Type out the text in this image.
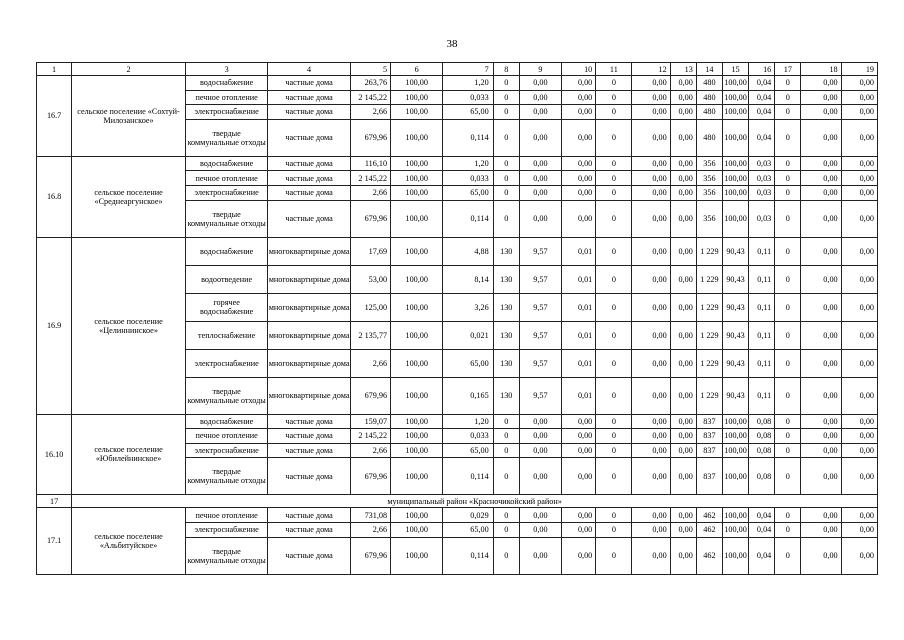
38
1	2	3	4	5	6	7	8	9	10	11	12	13	14	15	16	17	18	19
16.7	сельское поселение «Сохтуй-Милозанское»	водоснабжение	частные дома	263,76	100,00	1,20	0	0,00	0,00	0	0,00	0,00	480	100,00	0,04	0	0,00	0,00
		печное отопление	частные дома	2 145,22	100,00	0,033	0	0,00	0,00	0	0,00	0,00	480	100,00	0,04	0	0,00	0,00
		электроснабжение	частные дома	2,66	100,00	65,00	0	0,00	0,00	0	0,00	0,00	480	100,00	0,04	0	0,00	0,00
		твердые коммунальные отходы	частные дома	679,96	100,00	0,114	0	0,00	0,00	0	0,00	0,00	480	100,00	0,04	0	0,00	0,00
16.8	сельское поселение «Среднеаргунское»	водоснабжение	частные дома	116,10	100,00	1,20	0	0,00	0,00	0	0,00	0,00	356	100,00	0,03	0	0,00	0,00
		печное отопление	частные дома	2 145,22	100,00	0,033	0	0,00	0,00	0	0,00	0,00	356	100,00	0,03	0	0,00	0,00
		электроснабжение	частные дома	2,66	100,00	65,00	0	0,00	0,00	0	0,00	0,00	356	100,00	0,03	0	0,00	0,00
		твердые коммунальные отходы	частные дома	679,96	100,00	0,114	0	0,00	0,00	0	0,00	0,00	356	100,00	0,03	0	0,00	0,00
16.9	сельское поселение «Целиннинское»	водоснабжение	многоквартирные дома	17,69	100,00	4,88	130	9,57	0,01	0	0,00	0,00	1 229	90,43	0,11	0	0,00	0,00
		водоотведение	многоквартирные дома	53,00	100,00	8,14	130	9,57	0,01	0	0,00	0,00	1 229	90,43	0,11	0	0,00	0,00
		горячее водоснабжение	многоквартирные дома	125,00	100,00	3,26	130	9,57	0,01	0	0,00	0,00	1 229	90,43	0,11	0	0,00	0,00
		теплоснабжение	многоквартирные дома	2 135,77	100,00	0,021	130	9,57	0,01	0	0,00	0,00	1 229	90,43	0,11	0	0,00	0,00
		электроснабжение	многоквартирные дома	2,66	100,00	65,00	130	9,57	0,01	0	0,00	0,00	1 229	90,43	0,11	0	0,00	0,00
		твердые коммунальные отходы	многоквартирные дома	679,96	100,00	0,165	130	9,57	0,01	0	0,00	0,00	1 229	90,43	0,11	0	0,00	0,00
16.10	сельское поселение «Юбилейнинское»	водоснабжение	частные дома	159,07	100,00	1,20	0	0,00	0,00	0	0,00	0,00	837	100,00	0,08	0	0,00	0,00
		печное отопление	частные дома	2 145,22	100,00	0,033	0	0,00	0,00	0	0,00	0,00	837	100,00	0,08	0	0,00	0,00
		электроснабжение	частные дома	2,66	100,00	65,00	0	0,00	0,00	0	0,00	0,00	837	100,00	0,08	0	0,00	0,00
		твердые коммунальные отходы	частные дома	679,96	100,00	0,114	0	0,00	0,00	0	0,00	0,00	837	100,00	0,08	0	0,00	0,00
17	муниципальный район «Красночикойский район»																	
17.1	сельское поселение «Альбитуйское»	печное отопление	частные дома	731,08	100,00	0,029	0	0,00	0,00	0	0,00	0,00	462	100,00	0,04	0	0,00	0,00
		электроснабжение	частные дома	2,66	100,00	65,00	0	0,00	0,00	0	0,00	0,00	462	100,00	0,04	0	0,00	0,00
		твердые коммунальные отходы	частные дома	679,96	100,00	0,114	0	0,00	0,00	0	0,00	0,00	462	100,00	0,04	0	0,00	0,00
